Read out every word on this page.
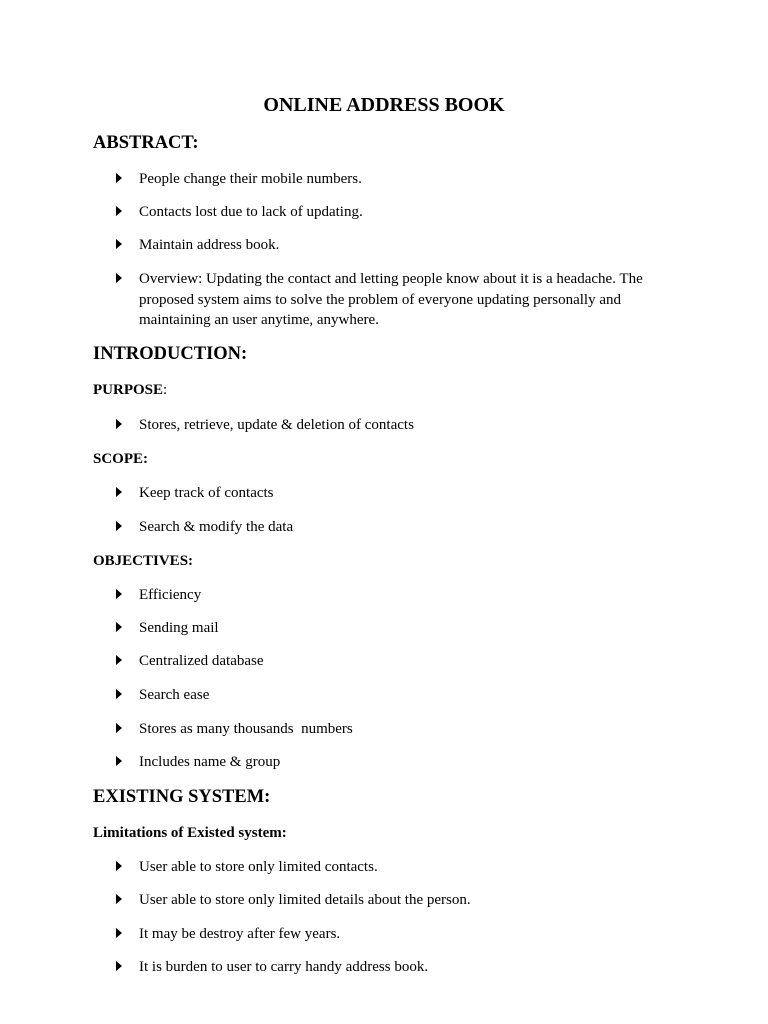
ONLINE ADDRESS BOOK
ABSTRACT:
People change their mobile numbers.
Contacts lost due to lack of updating.
Maintain address book.
Overview: Updating the contact and letting people know about it is a headache. The proposed system aims to solve the problem of everyone updating personally and maintaining an user anytime, anywhere.
INTRODUCTION:
PURPOSE:
Stores, retrieve, update & deletion of contacts
SCOPE:
Keep track of contacts
Search & modify the data
OBJECTIVES:
Efficiency
Sending mail
Centralized database
Search ease
Stores as many thousands  numbers
Includes name & group
EXISTING SYSTEM:
Limitations of Existed system:
User able to store only limited contacts.
User able to store only limited details about the person.
It may be destroy after few years.
It is burden to user to carry handy address book.
